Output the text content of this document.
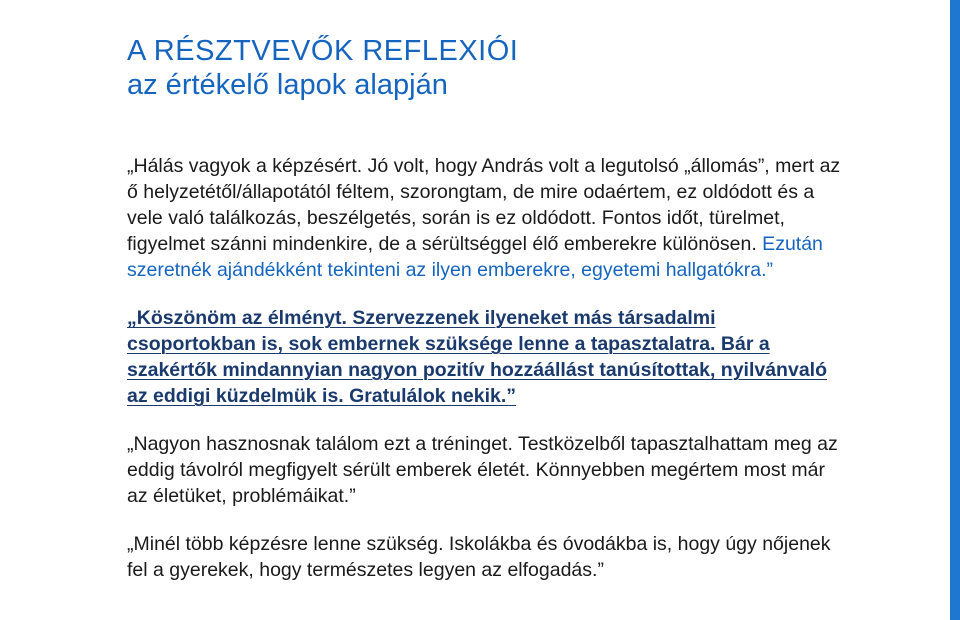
A RÉSZTVEVŐK REFLEXIÓI
az értékelő lapok alapján

„Hálás vagyok a képzésért. Jó volt, hogy András volt a legutolsó „állomás”, mert az ő helyzetétől/állapotától féltem, szorongtam, de mire odaértem, ez oldódott és a vele való találkozás, beszélgetés, során is ez oldódott. Fontos időt, türelmet, figyelmet szánni mindenkire, de a sérültséggel élő emberekre különösen. Ezután szeretnék ajándékként tekinteni az ilyen emberekre, egyetemi hallgatókra.”

„Köszönöm az élményt. Szervezzenek ilyeneket más társadalmi csoportokban is, sok embernek szüksége lenne a tapasztalatra. Bár a szakértők mindannyian nagyon pozitív hozzáállást tanúsítottak, nyilvánvaló az eddigi küzdelmük is. Gratulálok nekik.”

„Nagyon hasznosnak találom ezt a tréninget. Testközelből tapasztalhattam meg az eddig távolról megfigyelt sérült emberek életét. Könnyebben megértem most már az életüket, problémáikat.”

„Minél több képzésre lenne szükség. Iskolákba és óvodákba is, hogy úgy nőjenek fel a gyerekek, hogy természetes legyen az elfogadás.”
